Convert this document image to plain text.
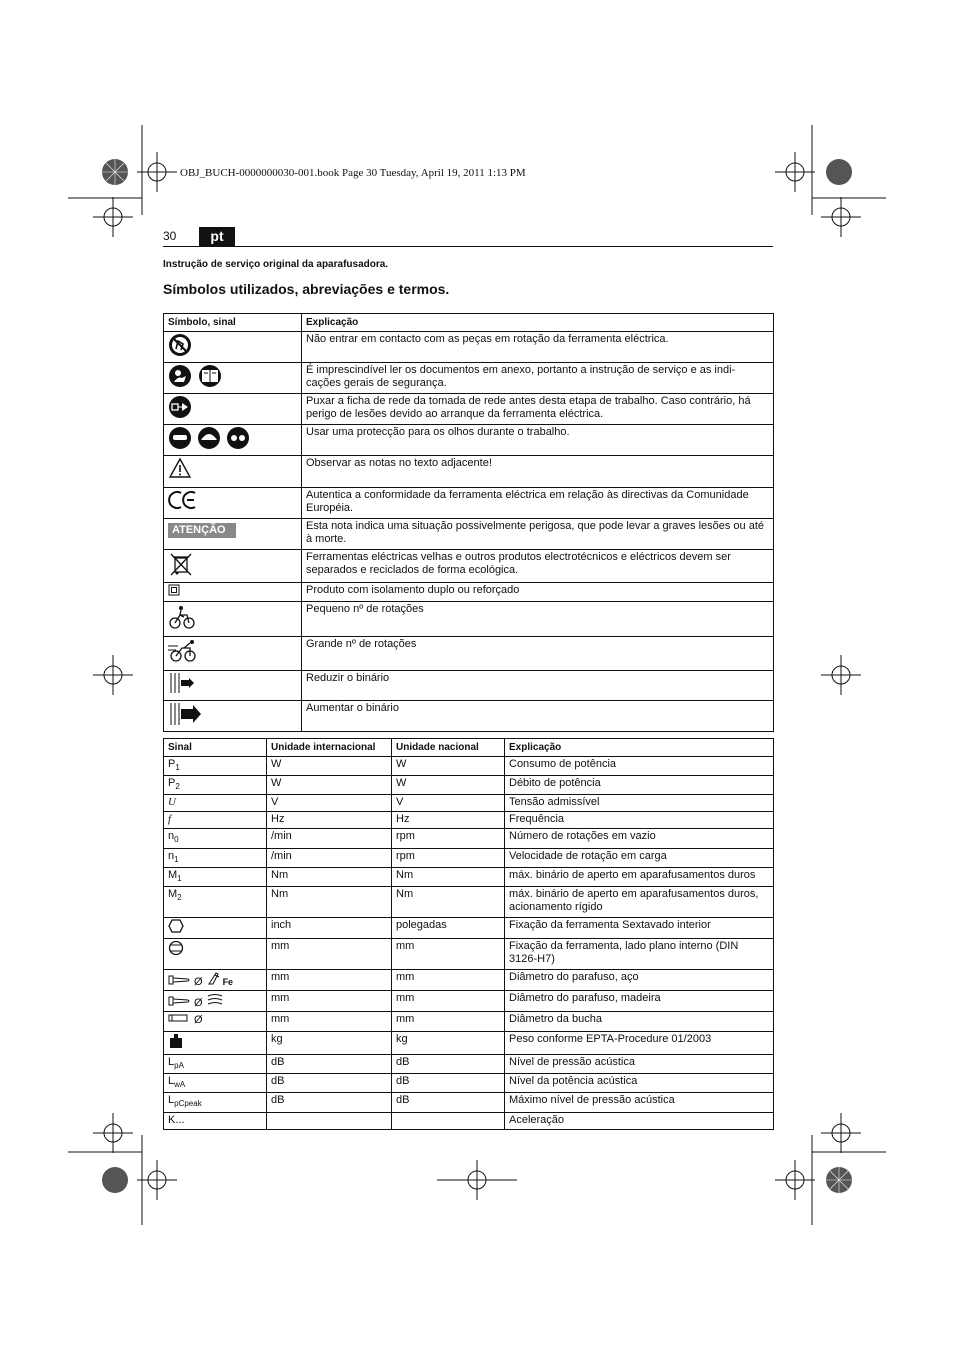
OBJ_BUCH-0000000030-001.book Page 30 Tuesday, April 19, 2011 1:13 PM
30	pt
Instrução de serviço original da aparafusadora.
Símbolos utilizados, abreviações e termos.
Símbolo, sinal	Explicação
	Não entrar em contacto com as peças em rotação da ferramenta eléctrica.
	É imprescindível ler os documentos em anexo, portanto a instrução de serviço e as indi-cações gerais de segurança.
	Puxar a ficha de rede da tomada de rede antes desta etapa de trabalho. Caso contrário, há perigo de lesões devido ao arranque da ferramenta eléctrica.
	Usar uma protecção para os olhos durante o trabalho.
	Observar as notas no texto adjacente!
	Autentica a conformidade da ferramenta eléctrica em relação às directivas da Comunidade Européia.
ATENÇÃO	Esta nota indica uma situação possivelmente perigosa, que pode levar a graves lesões ou até à morte.
	Ferramentas eléctricas velhas e outros produtos electrotécnicos e eléctricos devem ser separados e reciclados de forma ecológica.
	Produto com isolamento duplo ou reforçado
	Pequeno nº de rotações
	Grande nº de rotações
	Reduzir o binário
	Aumentar o binário
Sinal	Unidade internacional	Unidade nacional	Explicação
$P_1$	W	W	Consumo de potência
$P_2$	W	W	Débito de potência
U	V	V	Tensão admissível
f	Hz	Hz	Frequência
$n_0$	/min	rpm	Número de rotações em vazio
$n_1$	/min	rpm	Velocidade de rotação em carga
$M_1$	Nm	Nm	máx. binário de aperto em aparafusamentos duros
$M_2$	Nm	Nm	máx. binário de aperto em aparafusamentos duros, acionamento rígido
	inch	polegadas	Fixação da ferramenta Sextavado interior
	mm	mm	Fixação da ferramenta, lado plano interno (DIN 3126-H7)
Ø Fe	mm	mm	Diâmetro do parafuso, aço
Ø	mm	mm	Diâmetro do parafuso, madeira
Ø	mm	mm	Diâmetro da bucha
	kg	kg	Peso conforme EPTA-Procedure 01/2003
$L_{pA}$	dB	dB	Nível de pressão acústica
$L_{wA}$	dB	dB	Nível da potência acústica
$L_{pCpeak}$	dB	dB	Máximo nível de pressão acústica
K...			Aceleração
